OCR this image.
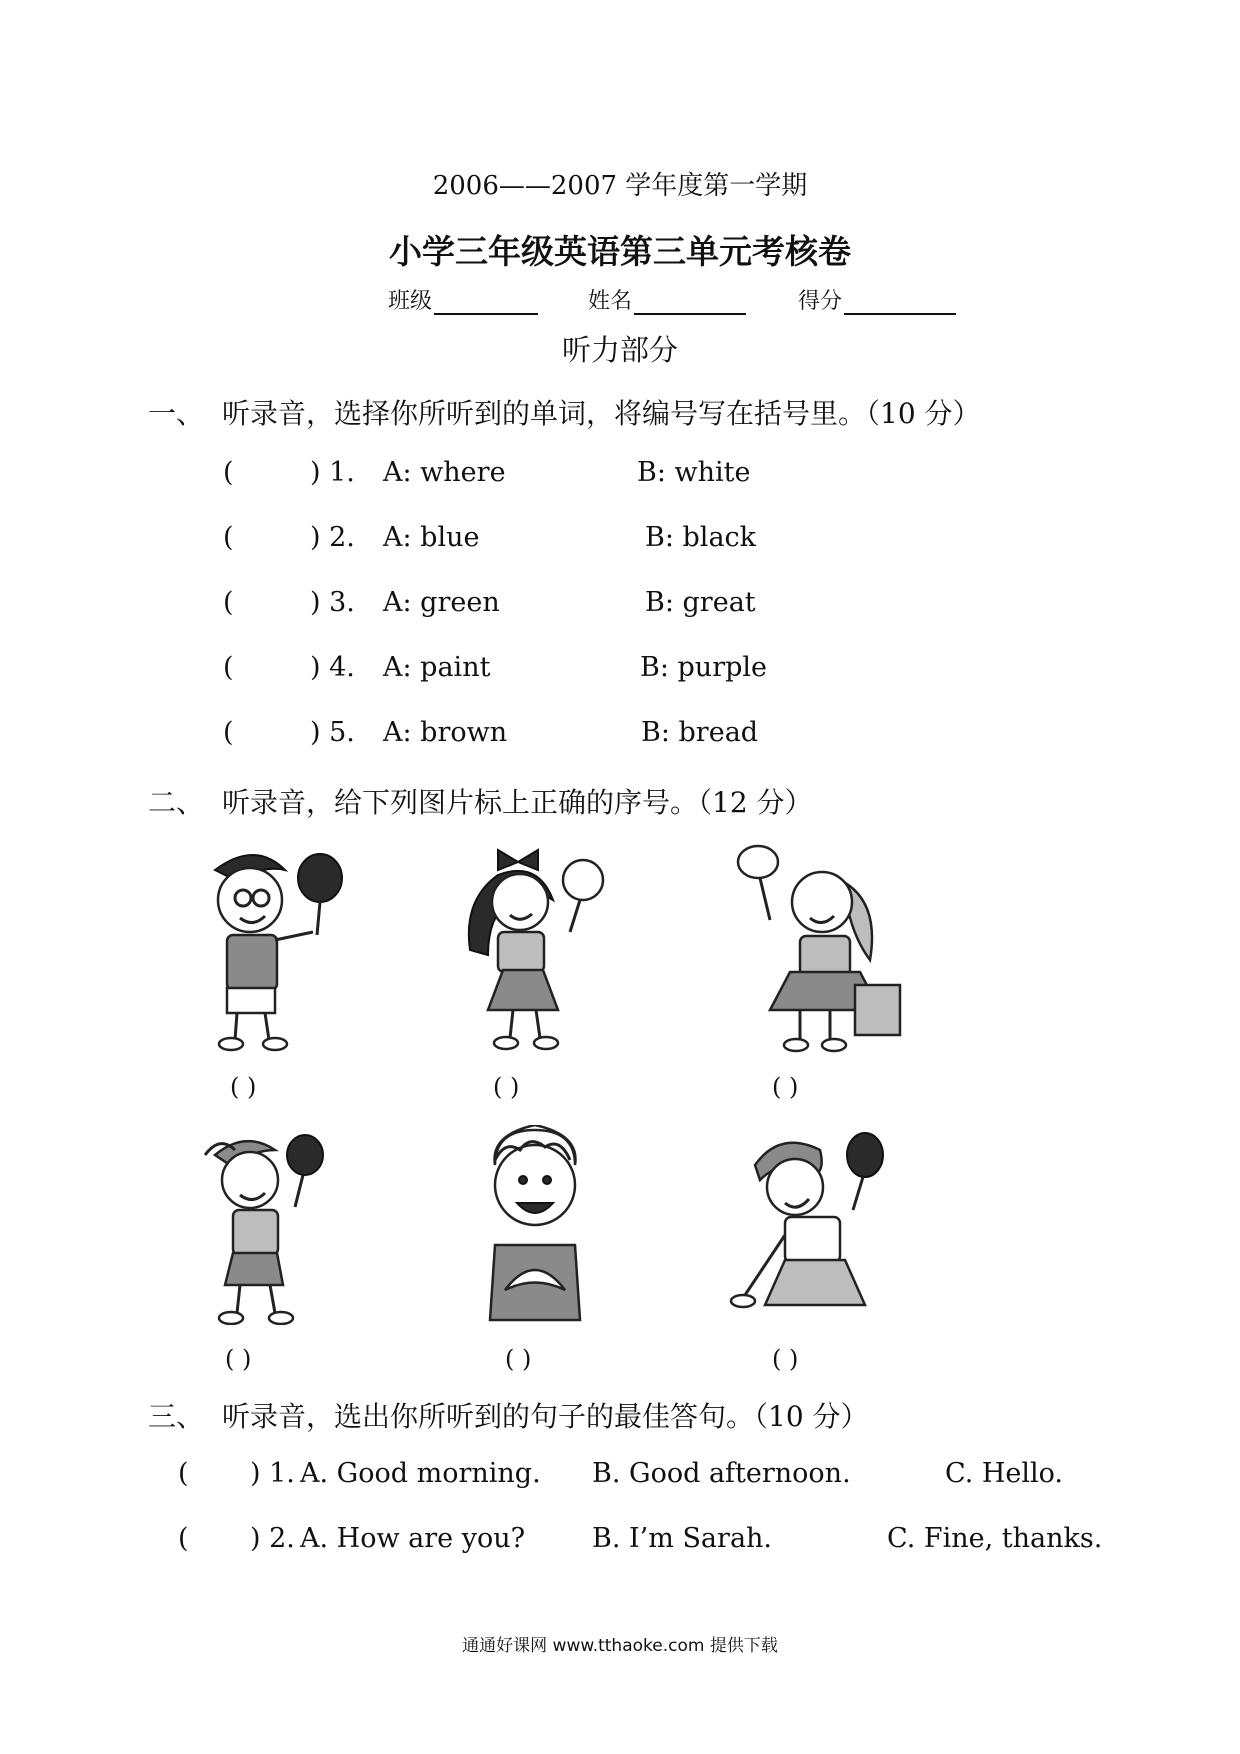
2006——2007 学年度第一学期
小学三年级英语第三单元考核卷
班级	姓名	得分
听力部分
一、 听录音，选择你所听到的单词，将编号写在括号里。（10 分）
(	) 1. A: where	B: white
(	) 2. A: blue	B: black
(	) 3. A: green	B: great
(	) 4. A: paint	B: purple
(	) 5. A: brown	B: bread
二、 听录音，给下列图片标上正确的序号。（12 分）
( )	( )	( )
( )	( )	( )
三、 听录音，选出你所听到的句子的最佳答句。（10 分）
( ) 1. A. Good morning. B. Good afternoon.	C. Hello.
( ) 2. A. How are you? B. I’m Sarah.	C. Fine, thanks.
通通好课网 www.tthaoke.com 提供下载
